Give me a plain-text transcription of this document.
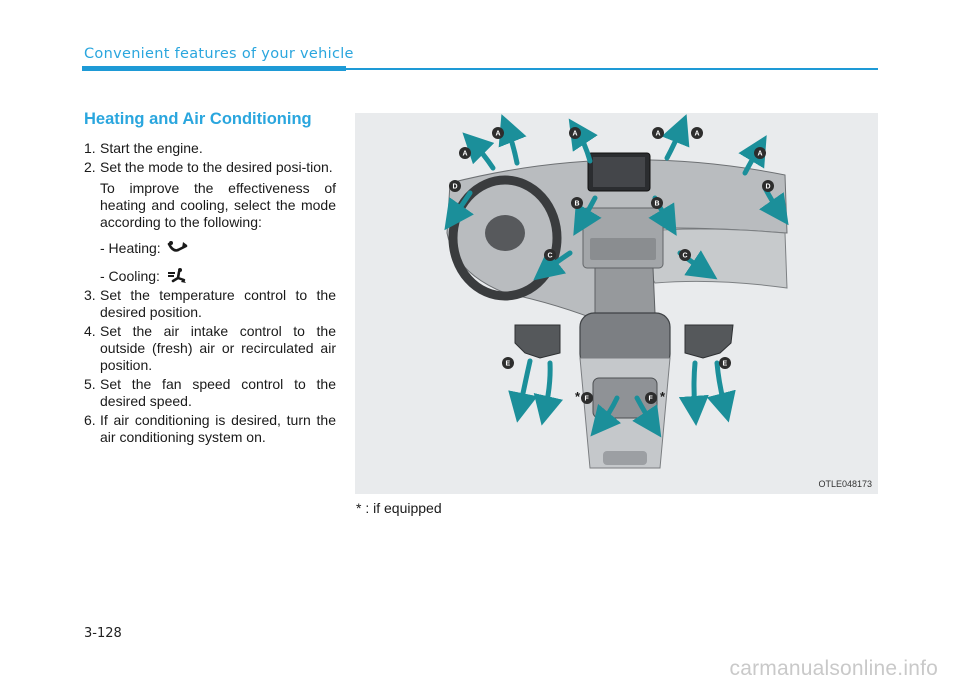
Convenient features of your vehicle
Heating and Air Conditioning
1. Start the engine.
2. Set the mode to the desired posi-tion.
To improve the effectiveness of heating and cooling, select the mode according to the following:
- Heating:
- Cooling:
3. Set the temperature control to the desired position.
4. Set the air intake control to the outside (fresh) air or recirculated air position.
5. Set the fan speed control to the desired speed.
6. If air conditioning is desired, turn the air conditioning system on.
A	A	A	A
A	A
B	B
C	C
D	D
E	E
F	F
*	*
OTLE048173
* : if equipped
3-128
carmanualsonline.info
